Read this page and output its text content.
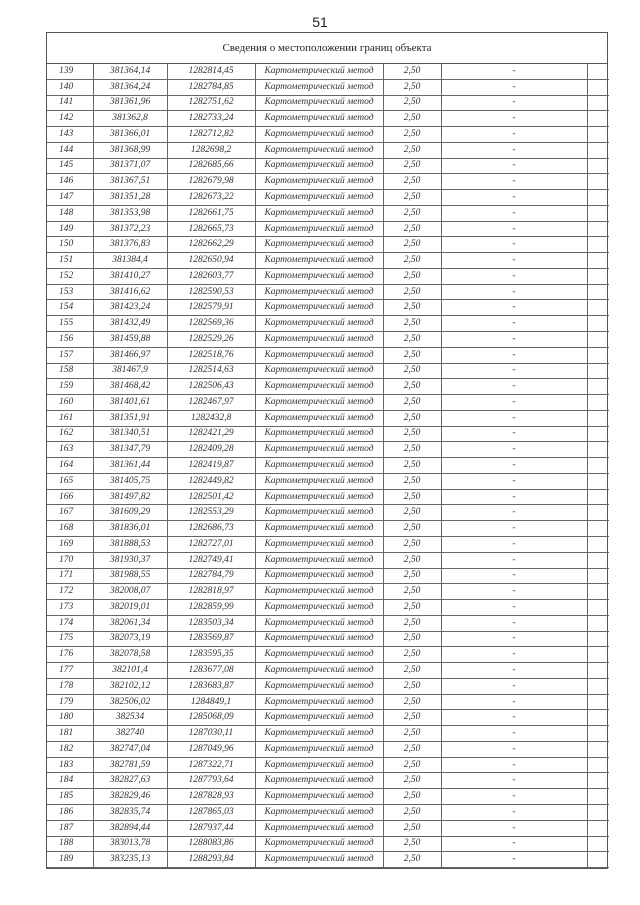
51
Сведения о местоположении границ объекта
139	381364,14	1282814,45	Картометрический метод	2,50	-	
140	381364,24	1282784,85	Картометрический метод	2,50	-	
141	381361,96	1282751,62	Картометрический метод	2,50	-	
142	381362,8	1282733,24	Картометрический метод	2,50	-	
143	381366,01	1282712,82	Картометрический метод	2,50	-	
144	381368,99	1282698,2	Картометрический метод	2,50	-	
145	381371,07	1282685,66	Картометрический метод	2,50	-	
146	381367,51	1282679,98	Картометрический метод	2,50	-	
147	381351,28	1282673,22	Картометрический метод	2,50	-	
148	381353,98	1282661,75	Картометрический метод	2,50	-	
149	381372,23	1282665,73	Картометрический метод	2,50	-	
150	381376,83	1282662,29	Картометрический метод	2,50	-	
151	381384,4	1282650,94	Картометрический метод	2,50	-	
152	381410,27	1282603,77	Картометрический метод	2,50	-	
153	381416,62	1282590,53	Картометрический метод	2,50	-	
154	381423,24	1282579,91	Картометрический метод	2,50	-	
155	381432,49	1282569,36	Картометрический метод	2,50	-	
156	381459,88	1282529,26	Картометрический метод	2,50	-	
157	381466,97	1282518,76	Картометрический метод	2,50	-	
158	381467,9	1282514,63	Картометрический метод	2,50	-	
159	381468,42	1282506,43	Картометрический метод	2,50	-	
160	381401,61	1282467,97	Картометрический метод	2,50	-	
161	381351,91	1282432,8	Картометрический метод	2,50	-	
162	381340,51	1282421,29	Картометрический метод	2,50	-	
163	381347,79	1282409,28	Картометрический метод	2,50	-	
164	381361,44	1282419,87	Картометрический метод	2,50	-	
165	381405,75	1282449,82	Картометрический метод	2,50	-	
166	381497,82	1282501,42	Картометрический метод	2,50	-	
167	381609,29	1282553,29	Картометрический метод	2,50	-	
168	381836,01	1282686,73	Картометрический метод	2,50	-	
169	381888,53	1282727,01	Картометрический метод	2,50	-	
170	381930,37	1282749,41	Картометрический метод	2,50	-	
171	381988,55	1282784,79	Картометрический метод	2,50	-	
172	382008,07	1282818,97	Картометрический метод	2,50	-	
173	382019,01	1282859,99	Картометрический метод	2,50	-	
174	382061,34	1283503,34	Картометрический метод	2,50	-	
175	382073,19	1283569,87	Картометрический метод	2,50	-	
176	382078,58	1283595,35	Картометрический метод	2,50	-	
177	382101,4	1283677,08	Картометрический метод	2,50	-	
178	382102,12	1283683,87	Картометрический метод	2,50	-	
179	382506,02	1284849,1	Картометрический метод	2,50	-	
180	382534	1285068,09	Картометрический метод	2,50	-	
181	382740	1287030,11	Картометрический метод	2,50	-	
182	382747,04	1287049,96	Картометрический метод	2,50	-	
183	382781,59	1287322,71	Картометрический метод	2,50	-	
184	382827,63	1287793,64	Картометрический метод	2,50	-	
185	382829,46	1287828,93	Картометрический метод	2,50	-	
186	382835,74	1287865,03	Картометрический метод	2,50	-	
187	382894,44	1287937,44	Картометрический метод	2,50	-	
188	383013,78	1288083,86	Картометрический метод	2,50	-	
189	383235,13	1288293,84	Картометрический метод	2,50	-	
